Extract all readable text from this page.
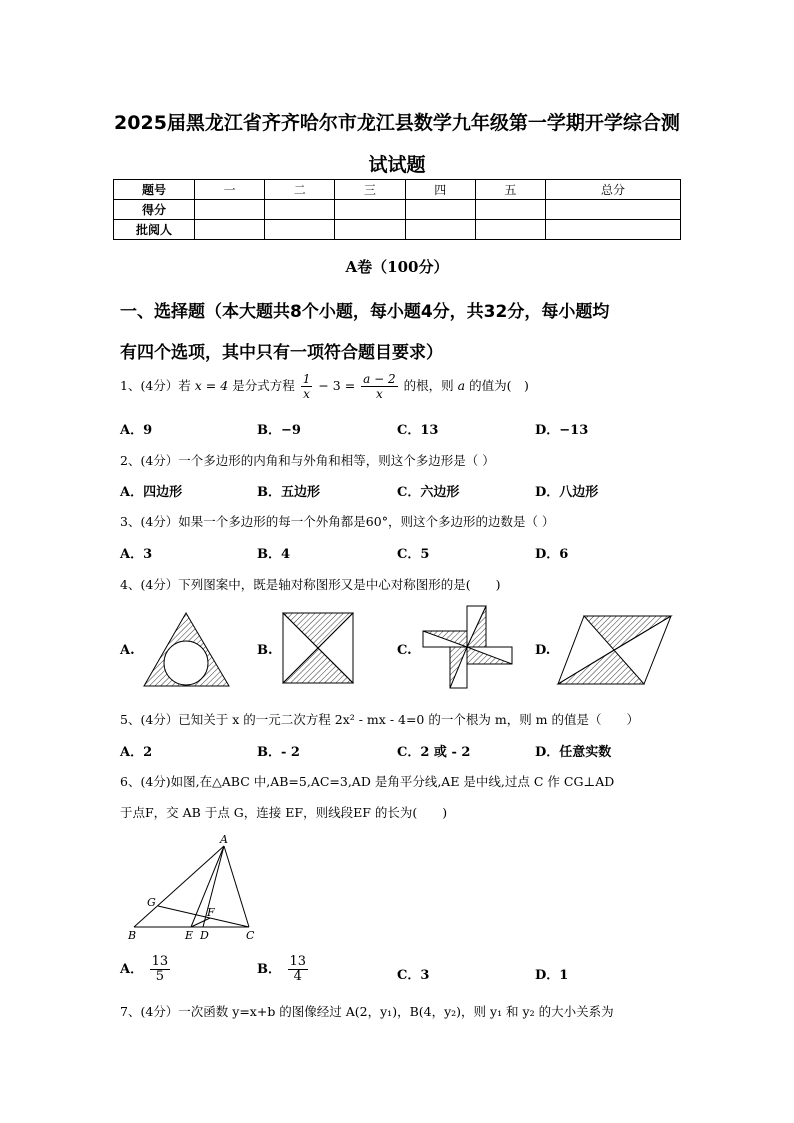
2025届黑龙江省齐齐哈尔市龙江县数学九年级第一学期开学综合测
试试题
题号	一	二	三	四	五	总分
得分						
批阅人						
A卷（100分）
一、选择题（本大题共8个小题，每小题4分，共32分，每小题均
有四个选项，其中只有一项符合题目要求）
1、(4分）若 x = 4 是分式方程 $\frac{1}{x} - 3 = \frac{a - 2}{x}$ 的根，则 a 的值为(　)
A．9	B．−9	C．13	D．−13
2、(4分）一个多边形的内角和与外角和相等，则这个多边形是（ ）
A．四边形	B．五边形	C．六边形	D．八边形
3、(4分）如果一个多边形的每一个外角都是60°，则这个多边形的边数是（ ）
A．3	B．4	C．5	D．6
4、(4分）下列图案中，既是轴对称图形又是中心对称图形的是(　　)
A.	B.	C.	D.
5、(4分）已知关于 x 的一元二次方程 2x² - mx - 4=0 的一个根为 m，则 m 的值是（　　）
A．2	B．- 2	C．2 或 - 2	D．任意实数
6、(4分)如图,在△ABC 中,AB=5,AC=3,AD 是角平分线,AE 是中线,过点 C 作 CG⊥AD
于点F，交 AB 于点 G，连接 EF，则线段EF 的长为(　　)
A
G
F
B	E D	C
A． $\frac{13}{5}$	B． $\frac{13}{4}$	C．3	D．1
7、(4分）一次函数 y=x+b 的图像经过 A(2，y₁)，B(4，y₂)，则 y₁ 和 y₂ 的大小关系为
